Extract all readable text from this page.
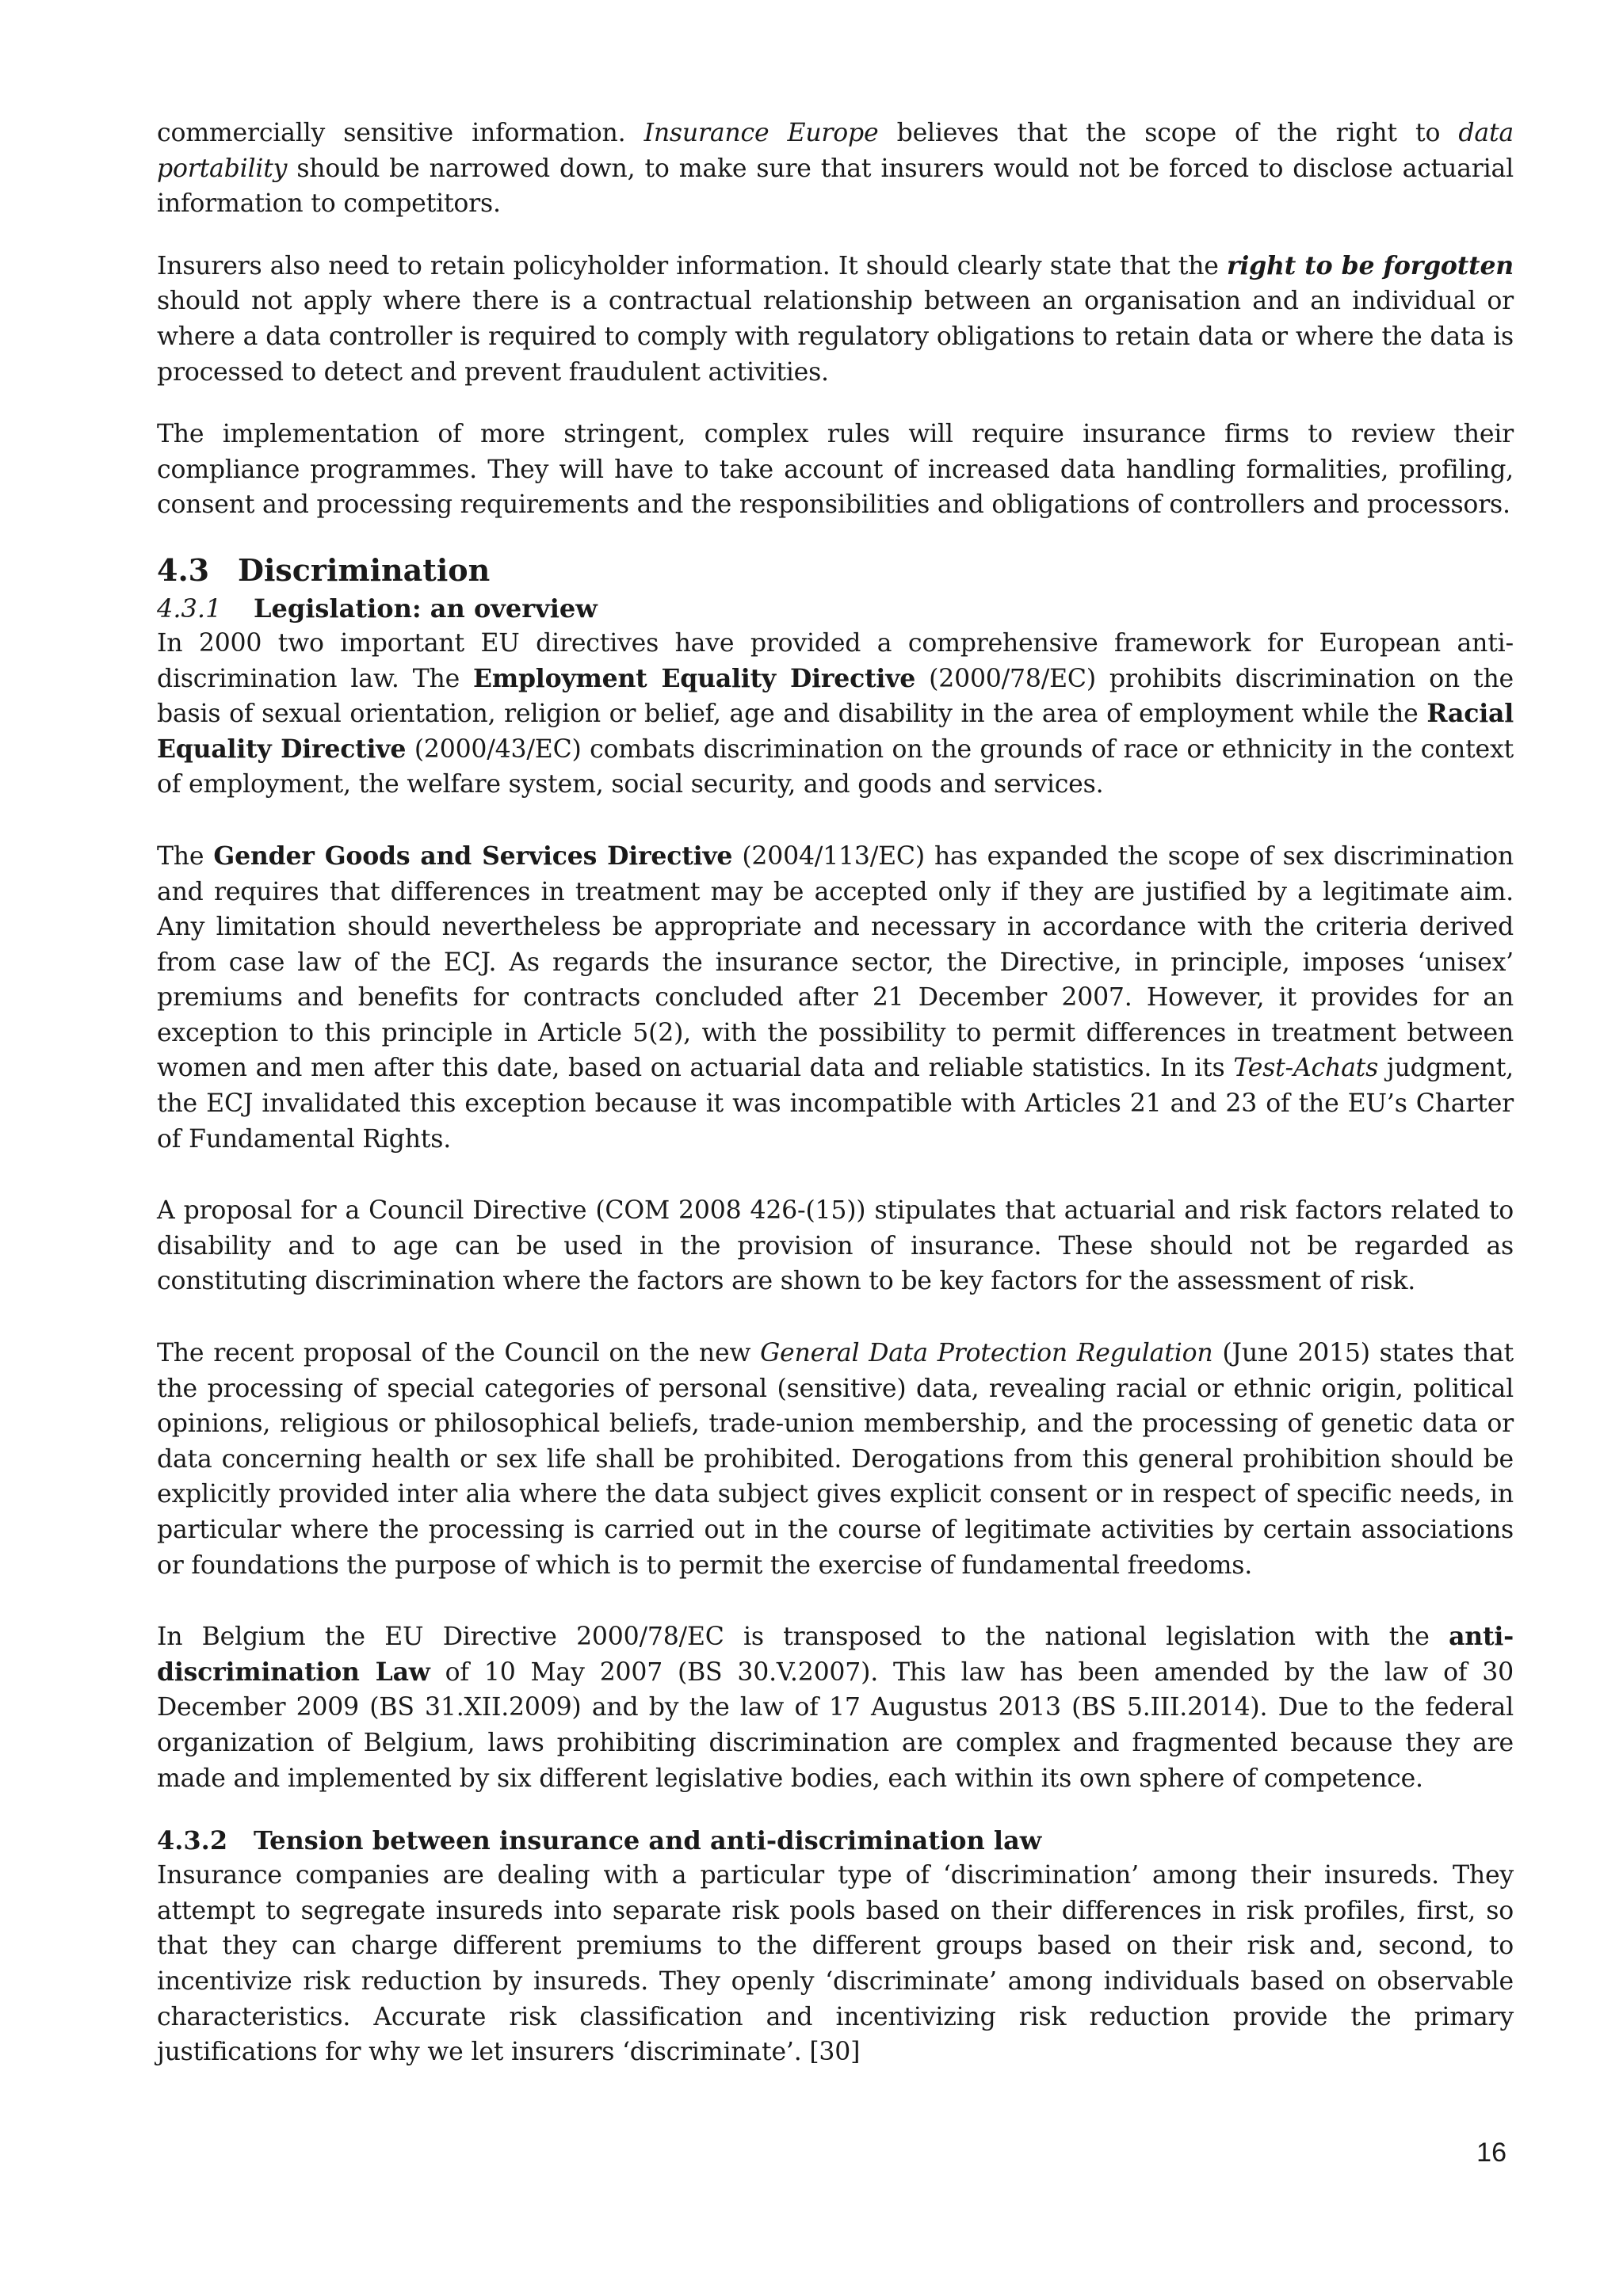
commercially sensitive information. Insurance Europe believes that the scope of the right to data portability should be narrowed down, to make sure that insurers would not be forced to disclose actuarial information to competitors.

Insurers also need to retain policyholder information. It should clearly state that the right to be forgotten should not apply where there is a contractual relationship between an organisation and an individual or where a data controller is required to comply with regulatory obligations to retain data or where the data is processed to detect and prevent fraudulent activities.

The implementation of more stringent, complex rules will require insurance firms to review their compliance programmes. They will have to take account of increased data handling formalities, profiling, consent and processing requirements and the responsibilities and obligations of controllers and processors.

4.3 Discrimination
4.3.1 Legislation: an overview

In 2000 two important EU directives have provided a comprehensive framework for European anti-discrimination law. The Employment Equality Directive (2000/78/EC) prohibits discrimination on the basis of sexual orientation, religion or belief, age and disability in the area of employment while the Racial Equality Directive (2000/43/EC) combats discrimination on the grounds of race or ethnicity in the context of employment, the welfare system, social security, and goods and services.

The Gender Goods and Services Directive (2004/113/EC) has expanded the scope of sex discrimination and requires that differences in treatment may be accepted only if they are justified by a legitimate aim. Any limitation should nevertheless be appropriate and necessary in accordance with the criteria derived from case law of the ECJ. As regards the insurance sector, the Directive, in principle, imposes ‘unisex’ premiums and benefits for contracts concluded after 21 December 2007. However, it provides for an exception to this principle in Article 5(2), with the possibility to permit differences in treatment between women and men after this date, based on actuarial data and reliable statistics. In its Test-Achats judgment, the ECJ invalidated this exception because it was incompatible with Articles 21 and 23 of the EU’s Charter of Fundamental Rights.

A proposal for a Council Directive (COM 2008 426-(15)) stipulates that actuarial and risk factors related to disability and to age can be used in the provision of insurance. These should not be regarded as constituting discrimination where the factors are shown to be key factors for the assessment of risk.

The recent proposal of the Council on the new General Data Protection Regulation (June 2015) states that the processing of special categories of personal (sensitive) data, revealing racial or ethnic origin, political opinions, religious or philosophical beliefs, trade-union membership, and the processing of genetic data or data concerning health or sex life shall be prohibited. Derogations from this general prohibition should be explicitly provided inter alia where the data subject gives explicit consent or in respect of specific needs, in particular where the processing is carried out in the course of legitimate activities by certain associations or foundations the purpose of which is to permit the exercise of fundamental freedoms.

In Belgium the EU Directive 2000/78/EC is transposed to the national legislation with the anti-discrimination Law of 10 May 2007 (BS 30.V.2007). This law has been amended by the law of 30 December 2009 (BS 31.XII.2009) and by the law of 17 Augustus 2013 (BS 5.III.2014). Due to the federal organization of Belgium, laws prohibiting discrimination are complex and fragmented because they are made and implemented by six different legislative bodies, each within its own sphere of competence.

4.3.2 Tension between insurance and anti-discrimination law

Insurance companies are dealing with a particular type of ‘discrimination’ among their insureds. They attempt to segregate insureds into separate risk pools based on their differences in risk profiles, first, so that they can charge different premiums to the different groups based on their risk and, second, to incentivize risk reduction by insureds. They openly ‘discriminate’ among individuals based on observable characteristics. Accurate risk classification and incentivizing risk reduction provide the primary justifications for why we let insurers ‘discriminate’. [30]

16
